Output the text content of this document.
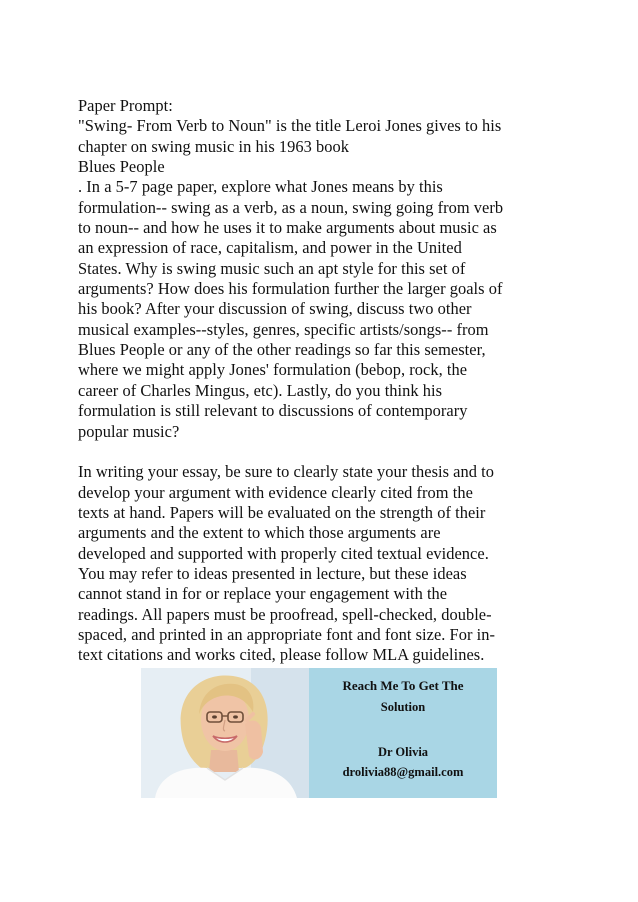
Paper Prompt:
"Swing- From Verb to Noun" is the title Leroi Jones gives to his
chapter on swing music in his 1963 book
Blues People
. In a 5-7 page paper, explore what Jones means by this
formulation-- swing as a verb, as a noun, swing going from verb
to noun-- and how he uses it to make arguments about music as
an expression of race, capitalism, and power in the United
States. Why is swing music such an apt style for this set of
arguments? How does his formulation further the larger goals of
his book? After your discussion of swing, discuss two other
musical examples--styles, genres, specific artists/songs-- from
Blues People or any of the other readings so far this semester,
where we might apply Jones' formulation (bebop, rock, the
career of Charles Mingus, etc). Lastly, do you think his
formulation is still relevant to discussions of contemporary
popular music?
In writing your essay, be sure to clearly state your thesis and to
develop your argument with evidence clearly cited from the
texts at hand. Papers will be evaluated on the strength of their
arguments and the extent to which those arguments are
developed and supported with properly cited textual evidence.
You may refer to ideas presented in lecture, but these ideas
cannot stand in for or replace your engagement with the
readings. All papers must be proofread, spell-checked, double-
spaced, and printed in an appropriate font and font size. For in-
text citations and works cited, please follow MLA guidelines.
Reach Me To Get The
Solution
Dr Olivia
drolivia88@gmail.com
